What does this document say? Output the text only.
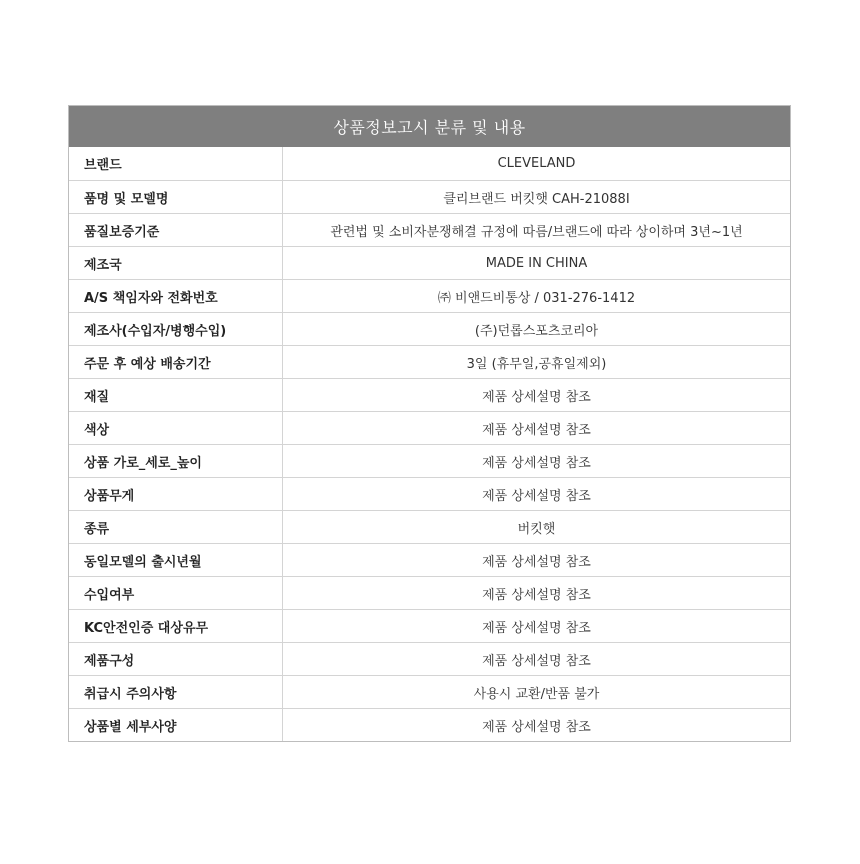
상품정보고시 분류 및 내용
브랜드	CLEVELAND
품명 및 모델명	클리브랜드 버킷햇 CAH-21088I
품질보증기준	관련법 및 소비자분쟁해결 규정에 따름/브랜드에 따라 상이하며 3년~1년
제조국	MADE IN CHINA
A/S 책임자와 전화번호	㈜ 비앤드비통상 / 031-276-1412
제조사(수입자/병행수입)	(주)던롭스포츠코리아
주문 후 예상 배송기간	3일 (휴무일,공휴일제외)
재질	제품 상세설명 참조
색상	제품 상세설명 참조
상품 가로_세로_높이	제품 상세설명 참조
상품무게	제품 상세설명 참조
종류	버킷햇
동일모델의 출시년월	제품 상세설명 참조
수입여부	제품 상세설명 참조
KC안전인증 대상유무	제품 상세설명 참조
제품구성	제품 상세설명 참조
취급시 주의사항	사용시 교환/반품 불가
상품별 세부사양	제품 상세설명 참조
